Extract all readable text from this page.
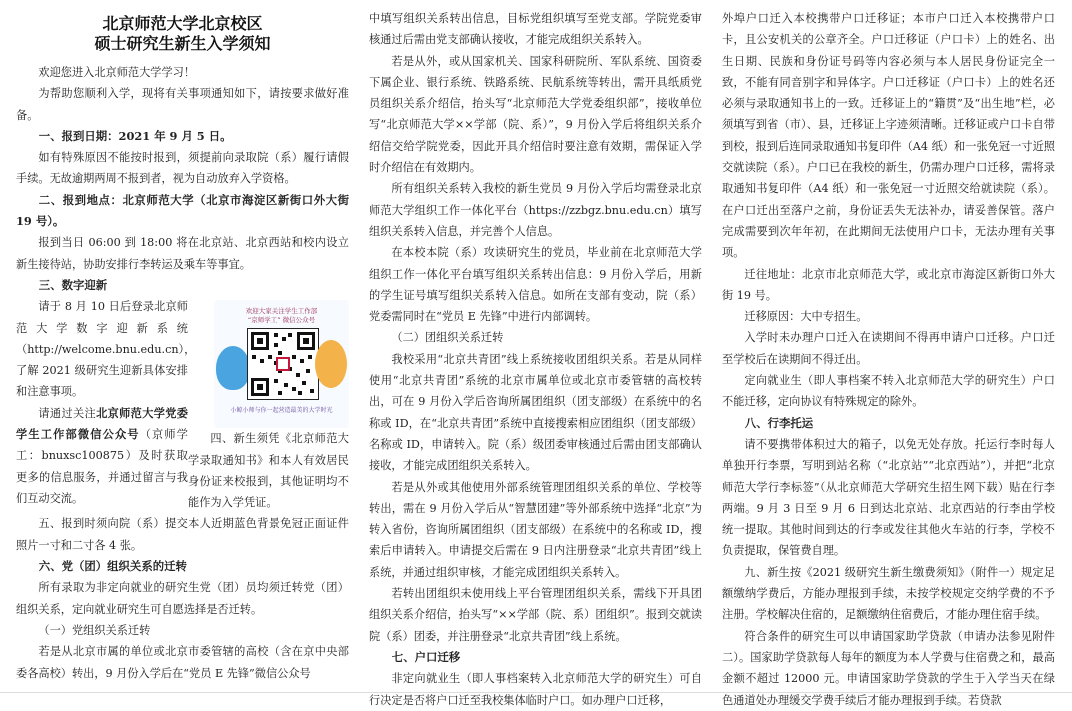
北京师范大学北京校区
硕士研究生新生入学须知

欢迎您进入北京师范大学学习！

为帮助您顺利入学，现将有关事项通知如下，请按要求做好准备。

一、报到日期：2021 年 9 月 5 日。

如有特殊原因不能按时报到，须提前向录取院（系）履行请假手续。无故逾期两周不报到者，视为自动放弃入学资格。

二、报到地点：北京师范大学（北京市海淀区新街口外大街 19 号）。

报到当日 06:00 到 18:00 将在北京站、北京西站和校内设立新生接待站，协助安排行李转运及乘车等事宜。

三、数字迎新
欢迎大家关注学生工作部
“京师学工” 微信公众号
小鲸小师与你一起营造最美的大学时光

请于 8 月 10 日后登录北京师范大学数字迎新系统（http://welcome.bnu.edu.cn），了解 2021 级研究生迎新具体安排和注意事项。

请通过关注北京师范大学党委学生工作部微信公众号（京师学工：bnuxsc100875）及时获取更多的信息服务，并通过留言与我们互动交流。

四、新生须凭《北京师范大学录取通知书》和本人有效居民身份证来校报到，其他证明均不能作为入学凭证。

五、报到时须向院（系）提交本人近期蓝色背景免冠正面证件照片一寸和二寸各 4 张。

六、党（团）组织关系的迁转

所有录取为非定向就业的研究生党（团）员均须迁转党（团）组织关系，定向就业研究生可自愿选择是否迁转。

（一）党组织关系迁转

若是从北京市属的单位或北京市委管辖的高校（含在京中央部委各高校）转出，9 月份入学后在“党员 E 先锋”微信公众号

中填写组织关系转出信息，目标党组织填写至党支部。学院党委审核通过后需由党支部确认接收，才能完成组织关系转入。

若是从外，或从国家机关、国家科研院所、军队系统、国资委下属企业、银行系统、铁路系统、民航系统等转出，需开具纸质党员组织关系介绍信，抬头写“北京师范大学党委组织部”，接收单位写“北京师范大学××学部（院、系）”，9 月份入学后将组织关系介绍信交给学院党委，因此开具介绍信时要注意有效期，需保证入学时介绍信在有效期内。

所有组织关系转入我校的新生党员 9 月份入学后均需登录北京师范大学组织工作一体化平台（https://zzbgz.bnu.edu.cn）填写组织关系转入信息，并完善个人信息。

在本校本院（系）攻读研究生的党员，毕业前在北京师范大学组织工作一体化平台填写组织关系转出信息：9 月份入学后，用新的学生证号填写组织关系转入信息。如所在支部有变动，院（系） 党委需同时在“党员 E 先锋”中进行内部调转。

（二）团组织关系迁转

我校采用“北京共青团”线上系统接收团组织关系。若是从同样使用“北京共青团”系统的北京市属单位或北京市委管辖的高校转出，可在 9 月份入学后咨询所属团组织（团支部级）在系统中的名称或 ID，在“北京共青团”系统中直接搜索相应团组织（团支部级）名称或 ID，申请转入。院（系）级团委审核通过后需由团支部确认接收，才能完成团组织关系转入。

若是从外或其他使用外部系统管理团组织关系的单位、学校等转出，需在 9 月份入学后从“智慧团建”等外部系统中选择“北京”为转入省份，咨询所属团组织（团支部级）在系统中的名称或 ID，搜索后申请转入。申请提交后需在 9 日内注册登录“北京共青团”线上系统，并通过组织审核，才能完成团组织关系转入。

若转出团组织未使用线上平台管理团组织关系，需线下开具团组织关系介绍信，抬头写“××学部（院、系）团组织”。报到交就读院（系）团委，并注册登录“北京共青团”线上系统。

七、户口迁移

非定向就业生（即人事档案转入北京师范大学的研究生）可自行决定是否将户口迁至我校集体临时户口。如办理户口迁移，

外埠户口迁入本校携带户口迁移证；本市户口迁入本校携带户口卡，且公安机关的公章齐全。户口迁移证（户口卡）上的姓名、出生日期、民族和身份证号码等内容必须与本人居民身份证完全一致，不能有同音别字和异体字。户口迁移证（户口卡）上的姓名还必须与录取通知书上的一致。迁移证上的“籍贯”及“出生地”栏，必须填写到省（市）、县，迁移证上字迹须清晰。迁移证或户口卡自带到校，报到后连同录取通知书复印件（A4 纸）和一张免冠一寸近照交就读院（系）。户口已在我校的新生，仍需办理户口迁移，需将录取通知书复印件（A4 纸）和一张免冠一寸近照交给就读院（系）。在户口迁出至落户之前，身份证丢失无法补办，请妥善保管。落户完成需要到次年年初，在此期间无法使用户口卡，无法办理有关事项。

迁往地址：北京市北京师范大学，或北京市海淀区新街口外大街 19 号。

迁移原因：大中专招生。

入学时未办理户口迁入在读期间不得再申请户口迁移。户口迁至学校后在读期间不得迁出。

定向就业生（即人事档案不转入北京师范大学的研究生）户口不能迁移，定向协议有特殊规定的除外。

八、行李托运

请不要携带体积过大的箱子，以免无处存放。托运行李时每人单独开行李票，写明到站名称（“北京站”“北京西站”），并把“北京师范大学行李标签”（从北京师范大学研究生招生网下载）贴在行李两端。9 月 3 日至 9 月 6 日到达北京站、北京西站的行李由学校统一提取。其他时间到达的行李或发往其他火车站的行李，学校不负责提取，保管费自理。

九、新生按《2021 级研究生新生缴费须知》（附件一）规定足额缴纳学费后，方能办理报到手续，未按学校规定交纳学费的不予注册。学校解决住宿的，足额缴纳住宿费后，才能办理住宿手续。

符合条件的研究生可以申请国家助学贷款（申请办法参见附件二）。国家助学贷款每人每年的额度为本人学费与住宿费之和，最高金额不超过 12000 元。申请国家助学贷款的学生于入学当天在绿色通道处办理缓交学费手续后才能办理报到手续。若贷款
